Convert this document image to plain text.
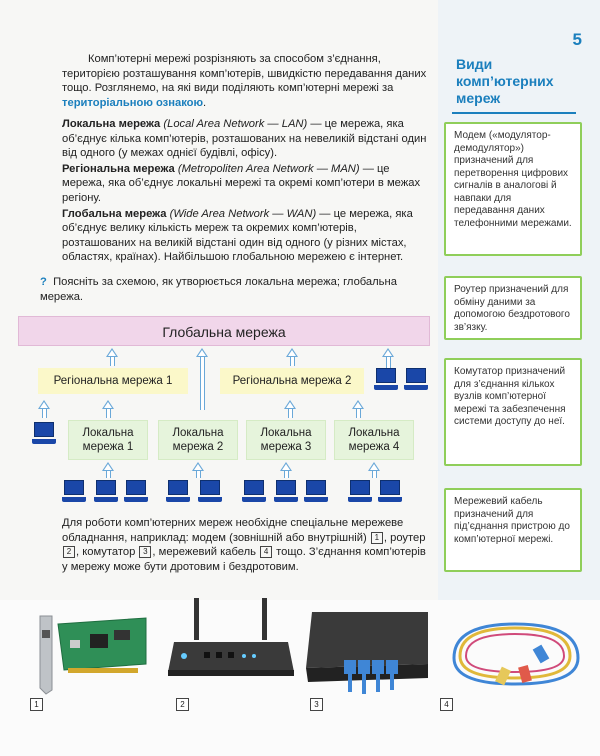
5
Види комп’ютерних мереж
Модем («модулятор-демодулятор») призначений для перетворення цифрових сигналів в аналогові й навпаки для передавання даних телефонними мережами.
Роутер призначений для обміну даними за допомогою бездротового зв’язку.
Комутатор призначений для з’єднання кількох вузлів комп’ютерної мережі та забезпечення системи доступу до неї.
Мережевий кабель призначений для під’єднання пристрою до комп’ютерної мережі.

Комп’ютерні мережі розрізняють за способом з’єднання, територією розташування комп’ютерів, швидкістю передавання даних тощо. Розглянемо, на які види поділяють комп’ютерні мережі за територіальною ознакою.

Локальна мережа (Local Area Network — LAN) — це мережа, яка об’єднує кілька комп’ютерів, розташованих на невеликій відстані один від одного (у межах однієї будівлі, офісу).

Регіональна мережа (Metropoliten Area Network — MAN) — це мережа, яка об’єднує локальні мережі та окремі комп’ютери в межах регіону.

Глобальна мережа (Wide Area Network — WAN) — це мережа, яка об’єднує велику кількість мереж та окремих комп’ютерів, розташованих на великій відстані один від одного (у різних містах, областях, країнах). Найбільшою глобальною мережею є інтернет.

? Поясніть за схемою, як утворюється локальна мережа; глобальна мережа.

Глобальна мережа
Регіональна мережа 1	Регіональна мережа 2
Локальна
мережа 1
Локальна
мережа 2
Локальна
мережа 3
Локальна
мережа 4

Для роботи комп’ютерних мереж необхідне спеціальне мережеве обладнання, наприклад: модем (зовнішній або внутрішній) 1 , роутер 2 , комутатор 3 , мережевий кабель 4 тощо. З’єднання комп’ютерів у мережу може бути дротовим і бездротовим.

1	2	3	4
